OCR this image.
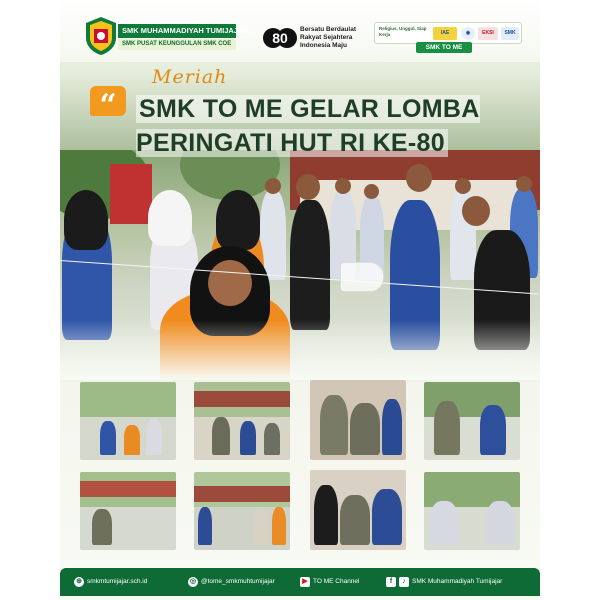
SMK MUHAMMADIYAH TUMIJAJAR
SMK PUSAT KEUNGGULAN SMK COE	80
Bersatu Berdaulat
Rakyat Sejahtera
Indonesia Maju
Religius, Unggul, Siap Kerja	IAE	◉	EKSI	SMK
SMK TO ME
“
Meriah
SMK TO ME GELAR LOMBA PERINGATI HUT RI KE-80
⊕ smkmtumijajar.sch.id	◎ @tome_smkmuhtumijajar	▶ TO ME Channel	f ♪ SMK Muhammadiyah Tumijajar
